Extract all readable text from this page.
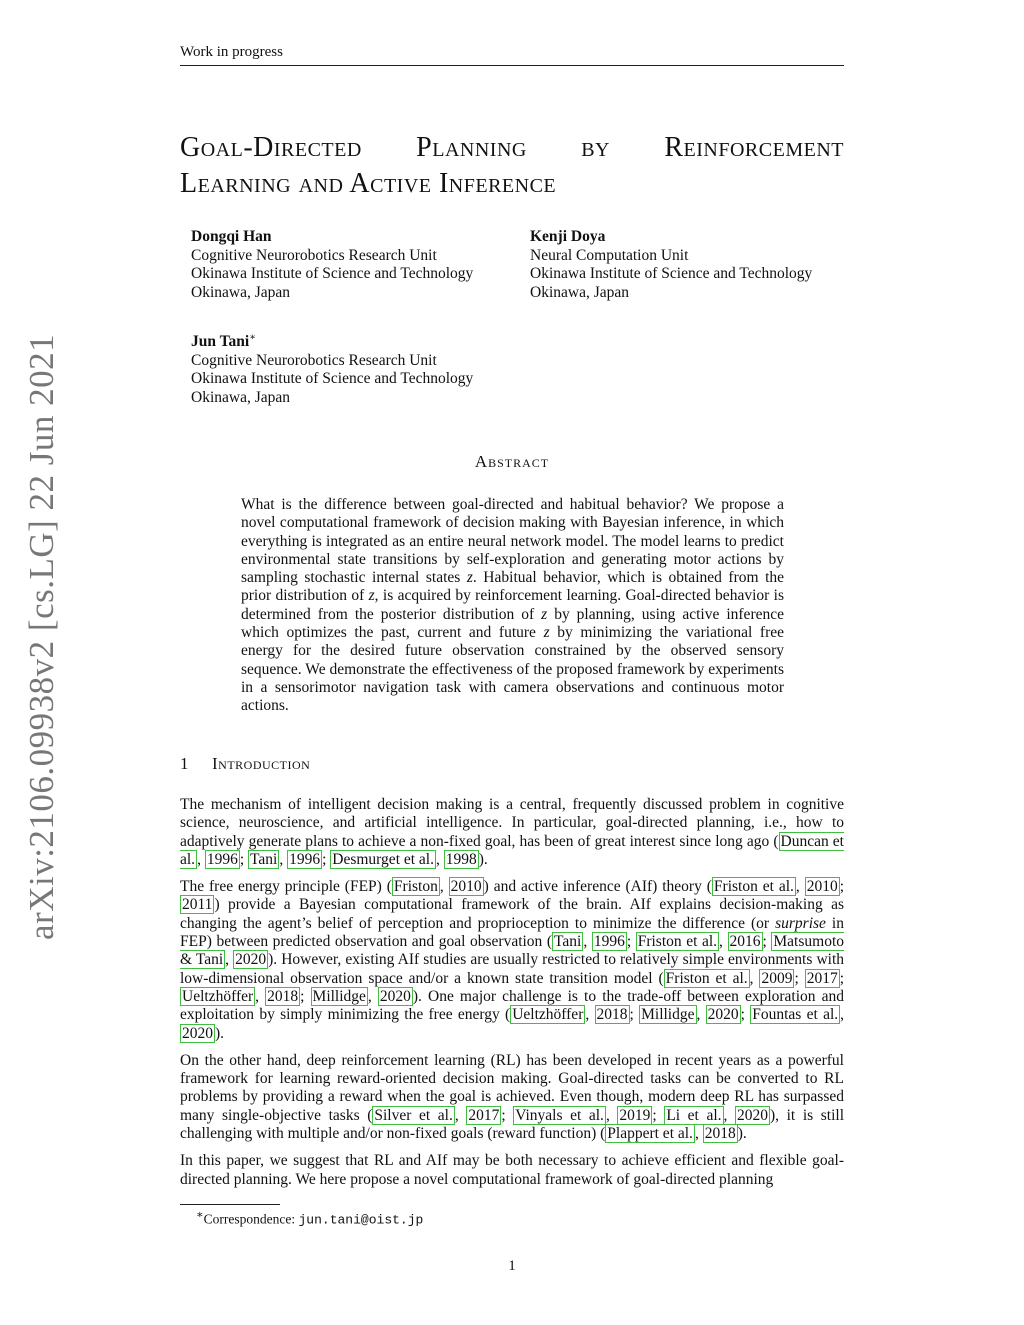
Work in progress
Goal-Directed Planning by Reinforcement
Learning and Active Inference
Dongqi Han
Cognitive Neurorobotics Research Unit
Okinawa Institute of Science and Technology
Okinawa, Japan
Kenji Doya
Neural Computation Unit
Okinawa Institute of Science and Technology
Okinawa, Japan
Jun Tani∗
Cognitive Neurorobotics Research Unit
Okinawa Institute of Science and Technology
Okinawa, Japan
Abstract
What is the difference between goal-directed and habitual behavior? We propose a novel computational framework of decision making with Bayesian inference, in which everything is integrated as an entire neural network model. The model learns to predict environmental state transitions by self-exploration and generating motor actions by sampling stochastic internal states z. Habitual behavior, which is obtained from the prior distribution of z, is acquired by reinforcement learning. Goal-directed behavior is determined from the posterior distribution of z by planning, using active inference which optimizes the past, current and future z by minimizing the variational free energy for the desired future observation constrained by the observed sensory sequence. We demonstrate the effectiveness of the proposed framework by experiments in a sensorimotor navigation task with camera observations and continuous motor actions.
1 Introduction

The mechanism of intelligent decision making is a central, frequently discussed problem in cognitive science, neuroscience, and artificial intelligence. In particular, goal-directed planning, i.e., how to adaptively generate plans to achieve a non-fixed goal, has been of great interest since long ago ( Duncan et al. , 1996 ; Tani , 1996 ; Desmurget et al. , 1998 ).

The free energy principle (FEP) ( Friston , 2010 ) and active inference (AIf) theory ( Friston et al. , 2010 ; 2011 ) provide a Bayesian computational framework of the brain. AIf explains decision-making as changing the agent’s belief of perception and proprioception to minimize the difference (or surprise in FEP) between predicted observation and goal observation ( Tani , 1996 ; Friston et al. , 2016 ; Matsumoto & Tani , 2020 ). However, existing AIf studies are usually restricted to relatively simple environments with low-dimensional observation space and/or a known state transition model ( Friston et al. , 2009 ; 2017 ; Ueltzhöffer , 2018 ; Millidge , 2020 ). One major challenge is to the trade-off between exploration and exploitation by simply minimizing the free energy ( Ueltzhöffer , 2018 ; Millidge , 2020 ; Fountas et al. , 2020 ).

On the other hand, deep reinforcement learning (RL) has been developed in recent years as a powerful framework for learning reward-oriented decision making. Goal-directed tasks can be converted to RL problems by providing a reward when the goal is achieved. Even though, modern deep RL has surpassed many single-objective tasks ( Silver et al. , 2017 ; Vinyals et al. , 2019 ; Li et al. , 2020 ), it is still challenging with multiple and/or non-fixed goals (reward function) ( Plappert et al. , 2018 ).

In this paper, we suggest that RL and AIf may be both necessary to achieve efficient and flexible goal-directed planning. We here propose a novel computational framework of goal-directed planning

∗Correspondence: jun.tani@oist.jp
1
arXiv:2106.09938v2 [cs.LG] 22 Jun 2021
